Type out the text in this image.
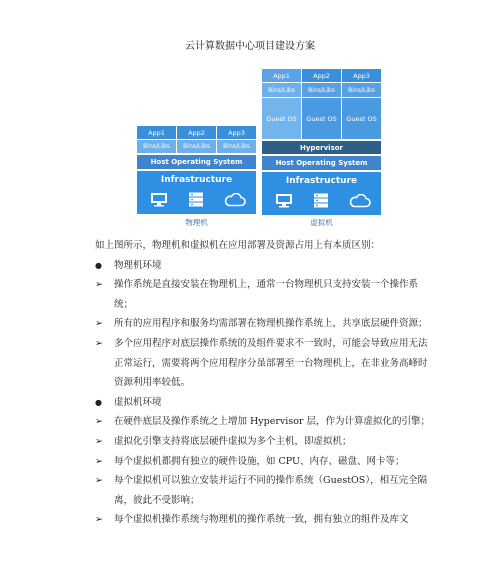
云计算数据中心项目建设方案
App1	App2	App3
Bins/Libs	Bins/Libs	Bins/Libs
Host Operating System
Infrastructure
物理机
App1	App2	App3
Bins/Libs	Bins/Libs	Bins/Libs
Guest OS	Guest OS	Guest OS
Hypervisor
Host Operating System
Infrastructure
虚拟机

如上图所示，物理机和虚拟机在应用部署及资源占用上有本质区别：

●	物理机环境
➢	操作系统是直接安装在物理机上，通常一台物理机只支持安装一个操作系统；
➢	所有的应用程序和服务均需部署在物理机操作系统上，共享底层硬件资源；
➢	多个应用程序对底层操作系统的及组件要求不一致时，可能会导致应用无法正常运行，需要将两个应用程序分虽部署至一台物理机上，在非业务高峰时资源利用率较低。
●	虚拟机环境
➢	在硬件底层及操作系统之上增加 Hypervisor 层，作为计算虚拟化的引擎；
➢	虚拟化引擎支持将底层硬件虚拟为多个主机，即虚拟机；
➢	每个虚拟机都拥有独立的硬件设施，如 CPU、内存、磁盘、网卡等；
➢	每个虚拟机可以独立安装并运行不同的操作系统（GuestOS），相互完全隔离，彼此不受影响；
➢	每个虚拟机操作系统与物理机的操作系统一致，拥有独立的组件及库文
